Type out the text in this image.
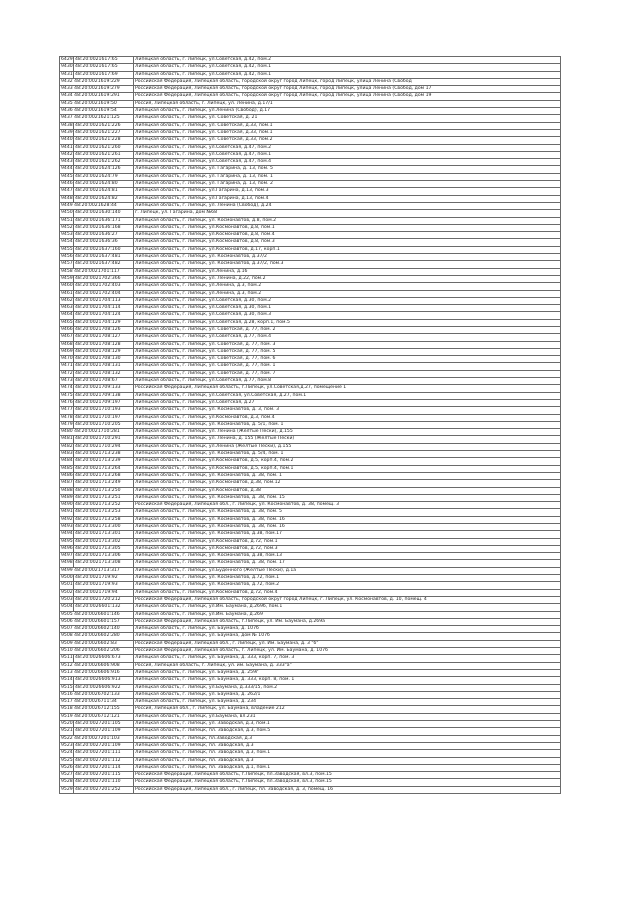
6429	48:20:0021617:65	Липецкая область, г. Липецк, ул.Советская, д.42, пом.2
9430	48:20:0021617:65	Липецкая область, г. Липецк, ул.Советская, д.42, пом.1
9431	48:20:0021617:69	Липецкая область, г. Липецк, ул.Советская, д.42, пом.1
9432 48:20:0021619:229		Российская Федерация, Липецкая область, городской округ город Липецк, город Липецк, улица Ленина (Свобод
9433 48:20:0021619:279		Российская Федерация, Липецкая область, городской округ город Липецк, город Липецк, улица Ленина (Свобод, дом 17
9434 48:20:0021619:291		Российская Федерация, Липецкая область, городской округ город Липецк, город Липецк, улица Ленина (Свобод, дом 19
9435 48:20:0021619:50		Россия, Липецкая область, г. Липецк, ул. Ленина, д.17/1
9436 48:20:0021619:54		Липецкая область, г. Липецк, ул.Ленина (Свобод), д.17
9437 48:20:0021621:125		Липецкая область, г. Липецк, ул. Советская, д. 21
9438	48:20:0021621:226	Липецкая область, г. Липецк, ул. Советская, д.33, пом.1
9439	48:20:0021621:227	Липецкая область, г. Липецк, ул. Советская, д.33, пом.1
9440	48:20:0021621:228	Липецкая область, г. Липецк, ул. Советская, д.33, пом.2
9441	48:20:0021621:260	Липецкая область, г. Липецк, ул.Советская, д.47, пом.2
9442	48:20:0021621:261	Липецкая область, г. Липецк, ул.Советская, д.47, пом.1
9443	48:20:0021621:262	Липецкая область, г. Липецк, ул.Советская, д.47, пом.4
9444	48:20:0021624:126	Липецкая область, г. Липецк, ул. Гагарина, д. 13, пом. 5
9445	48:20:0021624:79	Липецкая область, г. Липецк, ул. Гагарина, д. 13, пом. 1
9446	48:20:0021624:80	Липецкая область, г. Липецк, ул. Гагарина, д. 13, пом. 2
9447	48:20:0021624:81	Липецкая область, г. Липецк, ул.Гагарина, д.13, пом.3
9448	48:20:0021624:82	Липецкая область, г. Липецк, ул.Гагарина, д.13, пом.4
9449 48:20:0021628:44		Липецкая область, г. Липецк, ул. Ленина (Свобод), д.24
9450	48:20:0021630:140	г. Липецк, ул. Гагарина, дом №68
9451	48:20:0021636:171	Липецкая область, г. Липецк, ул. Космонавтов, д.8, пом.2
9452	48:20:0021636:168	Липецкая область, г. Липецк, ул.Космонавтов, д.8, пом.1
9453	48:20:0021636:27	Липецкая область, г. Липецк, ул.Космонавтов, д.8, пом.4
9454	48:20:0021636:36	Липецкая область, г. Липецк, ул.Космонавтов, д.8, пом.3
9455	48:20:0021637:160	Липецкая область, г. Липецк, ул.Космонавтов, д.17, корп.1
9456	48:20:0021637:481	Липецкая область, г. Липецк, ул. Космонавтов, д.37/2
9457	48:20:0021637:482	Липецкая область, г. Липецк, ул. Космонавтов, д.37/2, пом.3
9458 48:20:0021701:117		Липецкая область, г. Липецк, ул.Ленина, д.16
9459	48:20:0021702:366	Липецкая область, г. Липецк, ул. Ленина, д.22, пом.2
9460	48:20:0021702:403	Липецкая область, г. Липецк, ул.Ленина, д.3, пом.2
9461	48:20:0021702:404	Липецкая область, г. Липецк, ул.Ленина, д.3, пом.2
9462	48:20:0021704:113	Липецкая область, г. Липецк, ул.Советская, д.30, пом.2
9463	48:20:0021704:114	Липецкая область, г. Липецк, ул.Советская, д.30, пом.1
9464	48:20:0021704:124	Липецкая область, г. Липецк, ул.Советская, д.30, пом.3
9465	48:20:0021704:129	Липецкая область, г. Липецк, ул.Советская, д.28, корп.1, пом.5
9466	48:20:0021708:126	Липецкая область, г. Липецк, ул. Советская, д. 77, пом. 2
9467	48:20:0021708:127	Липецкая область, г. Липецк, ул.Советская, д.77, пом.4
9468	48:20:0021708:128	Липецкая область, г. Липецк, ул. Советская, д. 77, пом. 3
9469	48:20:0021708:129	Липецкая область, г. Липецк, ул. Советская, д. 77, пом. 5
9470	48:20:0021708:130	Липецкая область, г. Липецк, ул. Советская, д. 77, пом. 6
9471	48:20:0021708:131	Липецкая область, г. Липецк, ул. Советская, д. 77, пом. 1
9472	48:20:0021708:132	Липецкая область, г. Липецк, ул. Советская, д. 77, пом. 7
9473	48:20:0021708:67	Липецкая область, г. Липецк, ул.Советская, д.77, пом.8
9474	48:20:0021709:133	Российская Федерация, Липецкая область, г.Липецк, ул.Советская,д.27, помещение 1
9475	48:20:0021709:138	Липецкая область, г. Липецк, ул.Советская, ул.Советская, д.27, пом.1
9476	48:20:0021709:197	Липецкая область, г. Липецк, ул.Советская, д.27
9477	48:20:0021710:193	Липецкая область, г. Липецк, ул. Космонавтов, д. 3, пом. 3
9478	48:20:0021710:197	Липецкая область, г. Липецк, ул.Космонавтов, д.3, пом.4
9479	48:20:0021710:205	Липецкая область, г. Липецк, ул. Космонавтов, д. 5/1, пом. 1
9480 48:20:0021710:281		Липецкая область, г. Липецк, ул. Ленина (Жёлтые Пески), д.155
9481	48:20:0021710:291	Липецкая область, г. Липецк, ул. Ленина, д. 155 (Жёлтые Пески)
9482	48:20:0021710:294	Липецкая область, г. Липецк, ул.Ленина (Жёлтые Пески), д.155
9483	48:20:0021713:238	Липецкая область, г. Липецк, ул. Космонавтов, д. 5/4, пом. 1
9484	48:20:0021713:239	Липецкая область, г. Липецк, ул.Космонавтов, д.5, корп.4, пом.2
9485	48:20:0021713:264	Липецкая область, г. Липецк, ул.Космонавтов, д.5, корп.4, пом.1
9486	48:20:0021713:268	Липецкая область, г. Липецк, ул. Космонавтов, д. 38, пом. 1
9487	48:20:0021713:249	Липецкая область, г. Липецк, ул.Космонавтов, д.38, пом.12
9488	48:20:0021713:250	Липецкая область, г. Липецк, ул.Космонавтов, д.38
9489	48:20:0021713:251	Липецкая область, г. Липецк, ул. Космонавтов, д. 38, пом. 15
9490	48:20:0021713:252	Российская Федерация, Липецкая обл., г. Липецк, ул. Космонавтов, д. 38, помещ. 3
9491	48:20:0021713:253	Липецкая область, г. Липецк, ул. Космонавтов, д. 38, пом. 5
9492	48:20:0021713:258	Липецкая область, г. Липецк, ул. Космонавтов, д. 38, пом. 16
9493	48:20:0021713:300	Липецкая область, г. Липецк, ул. Космонавтов, д. 38, пом. 16
9494	48:20:0021713:301	Липецкая область, г. Липецк, ул. Космонавтов, д.38, пом.17
9495	48:20:0021713:302	Липецкая область, г. Липецк, ул.Космонавтов, д.72, пом.1
9496	48:20:0021713:305	Липецкая область, г. Липецк, ул.Космонавтов, д.72, пом.3
9497	48:20:0021713:306	Липецкая область, г. Липецк, ул. Космонавтов, д.38, пом.13
9498	48:20:0021713:308	Липецкая область, г. Липецк, ул. Космонавтов, д. 38, пом. 17
9499 48:20:0021713:317		Липецкая область, г. Липецк, ул.Буденного (Жёлтые Пески), д.1а
9500	48:20:0021719:92	Липецкая область, г. Липецк, ул. Космонавтов, д.72, пом.1
9501	48:20:0021719:93	Липецкая область, г. Липецк, ул. Космонавтов, д.72, пом.2
9502	48:20:0021719:94	Липецкая область, г. Липецк, ул.Космонавтов, д.72, пом.4
9503	48:20:0021720:212	Российская Федерация, Липецкая область, городской округ город Липецк, г. Липецк, ул. Космонавтов, д. 10, помещ. 4
9504	48:20:0026601:132	Липецкая область, г. Липецк, ул.Им. Баумана, д.269б, пом.1
9505 48:20:0026601:146		Липецкая область, г. Липецк, ул.Им. Баумана, д.269
9506 48:20:0026601:157		Российская Федерация, Липецкая область, г.Липецк, ул. Им. Баумана, д.269а
9507 48:20:0026602:140		Липецкая область, г. Липецк, ул. Баумана, д. 107б
9508 48:20:0026602:280		Липецкая область, г. Липецк, ул. Баумана, дом № 107б
9509 48:20:0026602:83		Российская Федерация, Липецкая обл., г. Липецк, ул. Им. Баумана, д. 3 "б"
9510 48:20:0026602:206		Российская Федерация, Липецкая область, г. Липецк, ул. Им. Баумана, д. 107б
9511	48:20:0026606:673	Липецкая область, г. Липецк, ул. Баумана, д. 333, корп. 7, пом. 3
9512 48:20:0026606:908		Россия, Липецкая область, г. Липецк, ул. им. Баумана, д. 333"а"
9513 48:20:0026606:916		Липецкая область, г. Липецк, ул. Баумана, д. 259г
9514	48:20:0026606:913	Липецкая область, г. Липецк, ул. Баумана, д. 333, корп. 8, пом. 1
9515	48:20:0026606:922	Липецкая область, г. Липецк, ул.Баумана, д.333/15, пом.2
9516 48:20:0026702:133		Липецкая область, г. Липецк, ул. Баумана, д. 262/1
9517 48:20:0026711:34		Липецкая область, г. Липецк, ул. Баумана, д. 234
9518 48:20:0026712:155		Россия, Липецкая обл., г. Липецк, ул. Баумана, владение 212
9519 48:20:0026712:121		Липецкая область, г. Липецк, ул.Баумана, вл.231
9520	48:20:0027201:105	Липецкая область, г. Липецк, ул. Заводская, д.3, пом.1
9521	48:20:0027201:109	Липецкая область, г. Липецк, пл. Заводская, д.3, пом.5
9522 48:20:0027201:103		Липецкая область, г. Липецк, пл.Заводская, д.3
9523	48:20:0027201:109	Липецкая область, г. Липецк, пл. Заводская, д.3
9524	48:20:0027201:111	Липецкая область, г. Липецк, пл. Заводская, д.3, пом.1
9525	48:20:0027201:112	Липецкая область, г. Липецк, пл. Заводская, д.3
9526	48:20:0027201:114	Липецкая область, г. Липецк, пл. Заводская, д.1, пом.1
9527	48:20:0027201:115	Российская Федерация, Липецкая область, г.Липецк, пл.Заводская, вл.3, пом.15
9528	48:20:0027201:110	Российская Федерация, Липецкая область, г.Липецк, пл.Заводская, вл.3, пом.15
9529	48:20:0027201:252	Российская Федерация, Липецкая обл., г. Липецк, пл. Заводская, д. 3, помещ. 16
